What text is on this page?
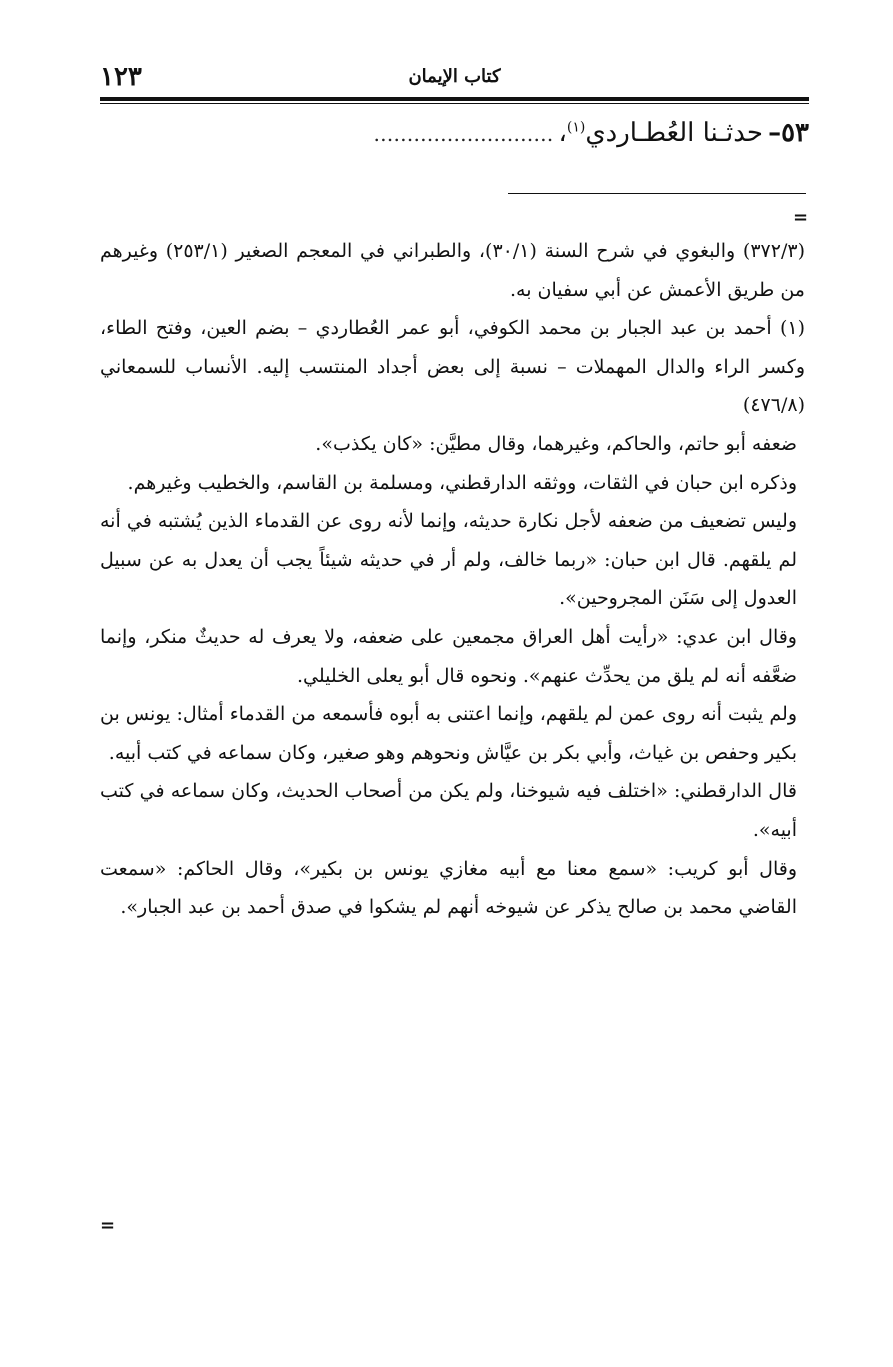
١٢٣	كتاب الإيمان
٥٣– حدثـنا العُطـاردي$^{(١)}$، ………………………
=

(٣٧٢/٣) والبغوي في شرح السنة (٣٠/١)، والطبراني في المعجم الصغير (٢٥٣/١) وغيرهم من طريق الأعمش عن أبي سفيان به.

(١) أحمد بن عبد الجبار بن محمد الكوفي، أبو عمر العُطاردي – بضم العين، وفتح الطاء، وكسر الراء والدال المهملات – نسبة إلى بعض أجداد المنتسب إليه. الأنساب للسمعاني (٤٧٦/٨)

ضعفه أبو حاتم، والحاكم، وغيرهما، وقال مطيَّن: «كان يكذب».

وذكره ابن حبان في الثقات، ووثقه الدارقطني، ومسلمة بن القاسم، والخطيب وغيرهم.

وليس تضعيف من ضعفه لأجل نكارة حديثه، وإنما لأنه روى عن القدماء الذين يُشتبه في أنه لم يلقهم. قال ابن حبان: «ربما خالف، ولم أر في حديثه شيئاً يجب أن يعدل به عن سبيل العدول إلى سَنَن المجروحين».

وقال ابن عدي: «رأيت أهل العراق مجمعين على ضعفه، ولا يعرف له حديثٌ منكر، وإنما ضعَّفه أنه لم يلق من يحدِّث عنهم». ونحوه قال أبو يعلى الخليلي.

ولم يثبت أنه روى عمن لم يلقهم، وإنما اعتنى به أبوه فأسمعه من القدماء أمثال: يونس بن بكير وحفص بن غياث، وأبي بكر بن عيَّاش ونحوهم وهو صغير، وكان سماعه في كتب أبيه.

قال الدارقطني: «اختلف فيه شيوخنا، ولم يكن من أصحاب الحديث، وكان سماعه في كتب أبيه».

وقال أبو كريب: «سمع معنا مع أبيه مغازي يونس بن بكير»، وقال الحاكم: «سمعت القاضي محمد بن صالح يذكر عن شيوخه أنهم لم يشكوا في صدق أحمد بن عبد الجبار».

=
